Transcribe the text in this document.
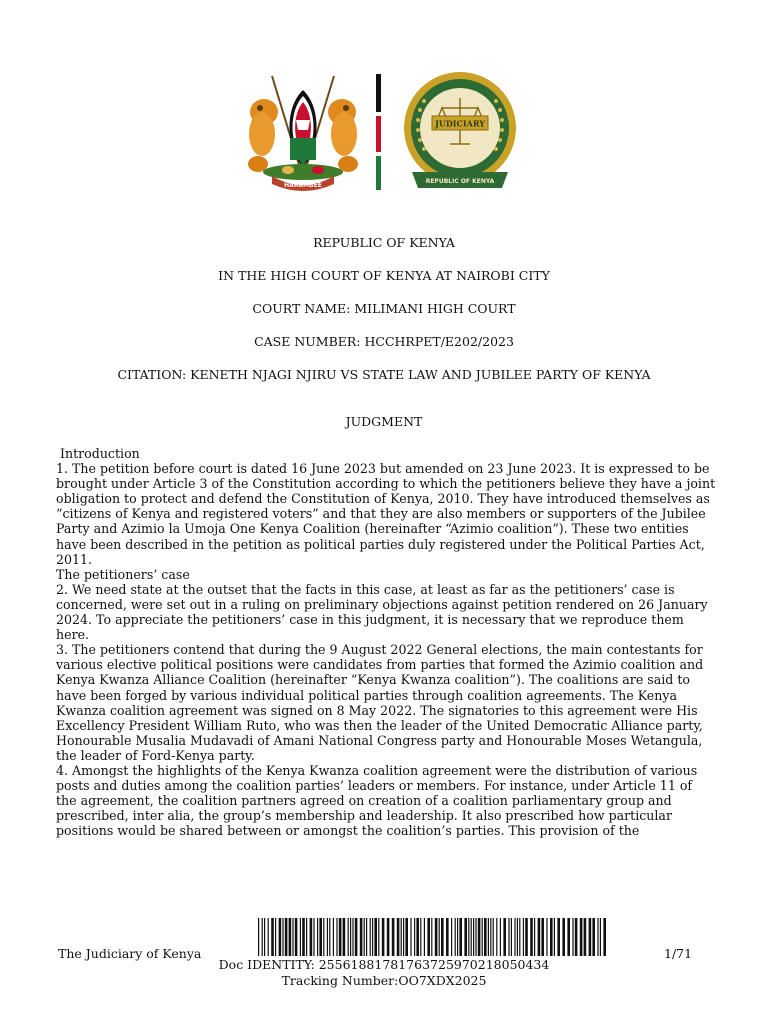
HARAMBEE
JUDICIARY
REPUBLIC OF KENYA
REPUBLIC OF KENYA
IN THE HIGH COURT OF KENYA AT NAIROBI CITY
COURT NAME: MILIMANI HIGH COURT
CASE NUMBER: HCCHRPET/E202/2023
CITATION: KENETH NJAGI NJIRU VS STATE LAW AND JUBILEE PARTY OF KENYA
JUDGMENT

Introduction

1. The petition before court is dated 16 June 2023 but amended on 23 June 2023. It is expressed to be brought under Article 3 of the Constitution according to which the petitioners believe they have a joint obligation to protect and defend the Constitution of Kenya, 2010. They have introduced themselves as “citizens of Kenya and registered voters” and that they are also members or supporters of the Jubilee Party and Azimio la Umoja One Kenya Coalition (hereinafter “Azimio coalition”). These two entities have been described in the petition as political parties duly registered under the Political Parties Act, 2011.

The petitioners’ case

2. We need state at the outset that the facts in this case, at least as far as the petitioners’ case is concerned, were set out in a ruling on preliminary objections against petition rendered on 26 January 2024. To appreciate the petitioners’ case in this judgment, it is necessary that we reproduce them here.

3. The petitioners contend that during the 9 August 2022 General elections, the main contestants for various elective political positions were candidates from parties that formed the Azimio coalition and Kenya Kwanza Alliance Coalition (hereinafter “Kenya Kwanza coalition”). The coalitions are said to have been forged by various individual political parties through coalition agreements. The Kenya Kwanza coalition agreement was signed on 8 May 2022. The signatories to this agreement were His Excellency President William Ruto, who was then the leader of the United Democratic Alliance party, Honourable Musalia Mudavadi of Amani National Congress party and Honourable Moses Wetangula, the leader of Ford-Kenya party.

4. Amongst the highlights of the Kenya Kwanza coalition agreement were the distribution of various posts and duties among the coalition parties’ leaders or members. For instance, under Article 11 of the agreement, the coalition partners agreed on creation of a coalition parliamentary group and prescribed, inter alia, the group’s membership and leadership. It also prescribed how particular positions would be shared between or amongst the coalition’s parties. This provision of the

The Judiciary of Kenya	1/71
Doc IDENTITY: 25561881781763725970218050434 Tracking Number:OO7XDX2025
